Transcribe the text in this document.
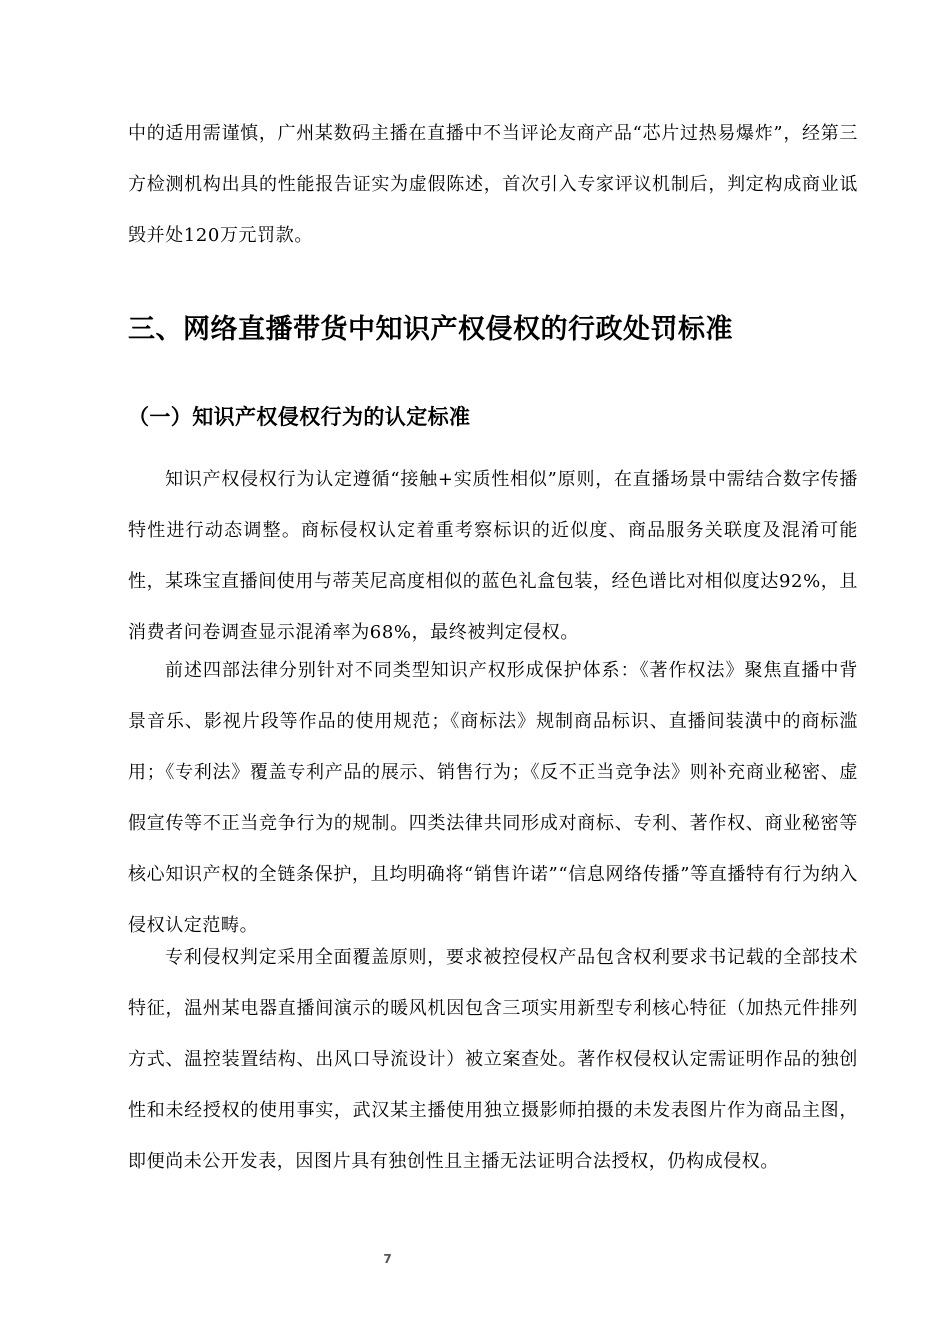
中的适用需谨慎，广州某数码主播在直播中不当评论友商产品“芯片过热易爆炸”，经第三方检测机构出具的性能报告证实为虚假陈述，首次引入专家评议机制后，判定构成商业诋毁并处120万元罚款。

三、网络直播带货中知识产权侵权的行政处罚标准
（一）知识产权侵权行为的认定标准

知识产权侵权行为认定遵循“接触+实质性相似”原则，在直播场景中需结合数字传播特性进行动态调整。商标侵权认定着重考察标识的近似度、商品服务关联度及混淆可能性，某珠宝直播间使用与蒂芙尼高度相似的蓝色礼盒包装，经色谱比对相似度达92%，且消费者问卷调查显示混淆率为68%，最终被判定侵权。

前述四部法律分别针对不同类型知识产权形成保护体系：《著作权法》聚焦直播中背景音乐、影视片段等作品的使用规范；《商标法》规制商品标识、直播间装潢中的商标滥用；《专利法》覆盖专利产品的展示、销售行为；《反不正当竞争法》则补充商业秘密、虚假宣传等不正当竞争行为的规制。四类法律共同形成对商标、专利、著作权、商业秘密等核心知识产权的全链条保护，且均明确将“销售许诺”“信息网络传播”等直播特有行为纳入侵权认定范畴。

专利侵权判定采用全面覆盖原则，要求被控侵权产品包含权利要求书记载的全部技术特征，温州某电器直播间演示的暖风机因包含三项实用新型专利核心特征（加热元件排列方式、温控装置结构、出风口导流设计）被立案查处。著作权侵权认定需证明作品的独创性和未经授权的使用事实，武汉某主播使用独立摄影师拍摄的未发表图片作为商品主图，即便尚未公开发表，因图片具有独创性且主播无法证明合法授权，仍构成侵权。

7
